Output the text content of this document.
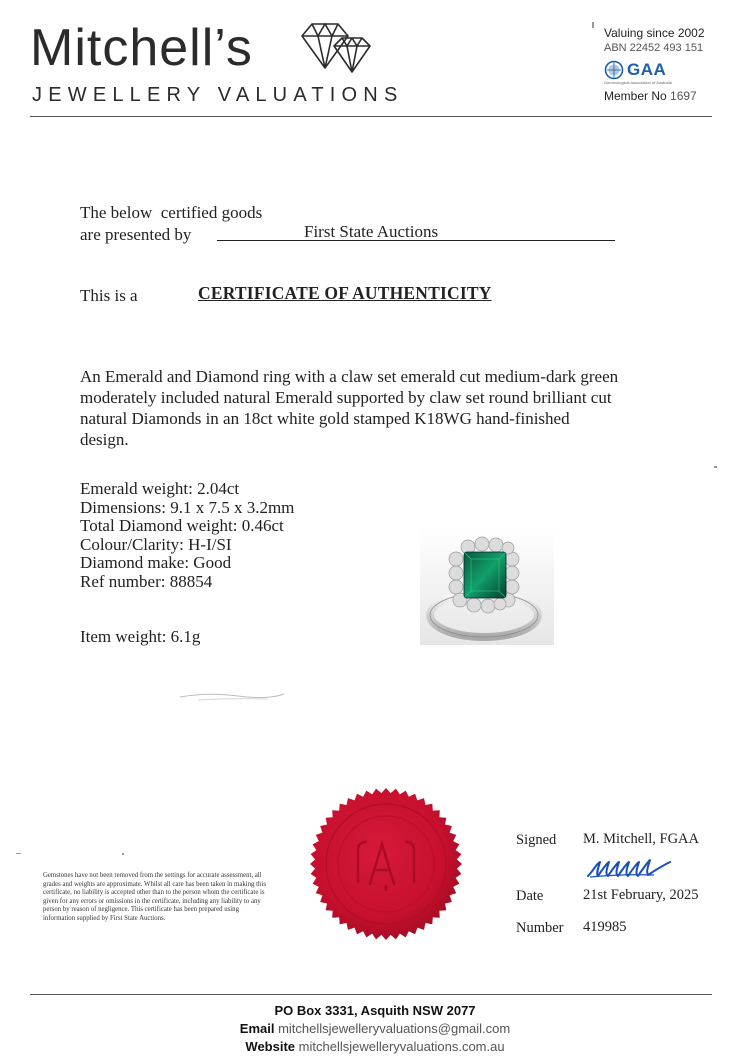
Mitchell’s
JEWELLERY VALUATIONS
Valuing since 2002
ABN 22452 493 151
GAA
Gemmological Association of Australia
Member No 1697
The below  certified goods
are presented by	First State Auctions
This is a	CERTIFICATE OF AUTHENTICITY
An Emerald and Diamond ring with a claw set emerald cut medium-dark green moderately included natural Emerald supported by claw set round brilliant cut natural Diamonds in an 18ct white gold stamped K18WG hand-finished design.
Emerald weight: 2.04ct
Dimensions: 9.1 x 7.5 x 3.2mm
Total Diamond weight: 0.46ct
Colour/Clarity: H-I/SI
Diamond make: Good
Ref number: 88854
Item weight: 6.1g
Gemstones have not been removed from the settings for accurate assessment, all grades and weights are approximate. Whilst all care has been taken in making this certificate, no liability is accepted other than to the person whom the certificate is given for any errors or omissions in the certificate, including any liability to any person by reason of negligence. This certificate has been prepared using information supplied by First State Auctions.
Signed M. Mitchell, FGAA
Date	21st February, 2025
Number 419985
PO Box 3331, Asquith NSW 2077
Email mitchellsjewelleryvaluations@gmail.com
Website mitchellsjewelleryvaluations.com.au
